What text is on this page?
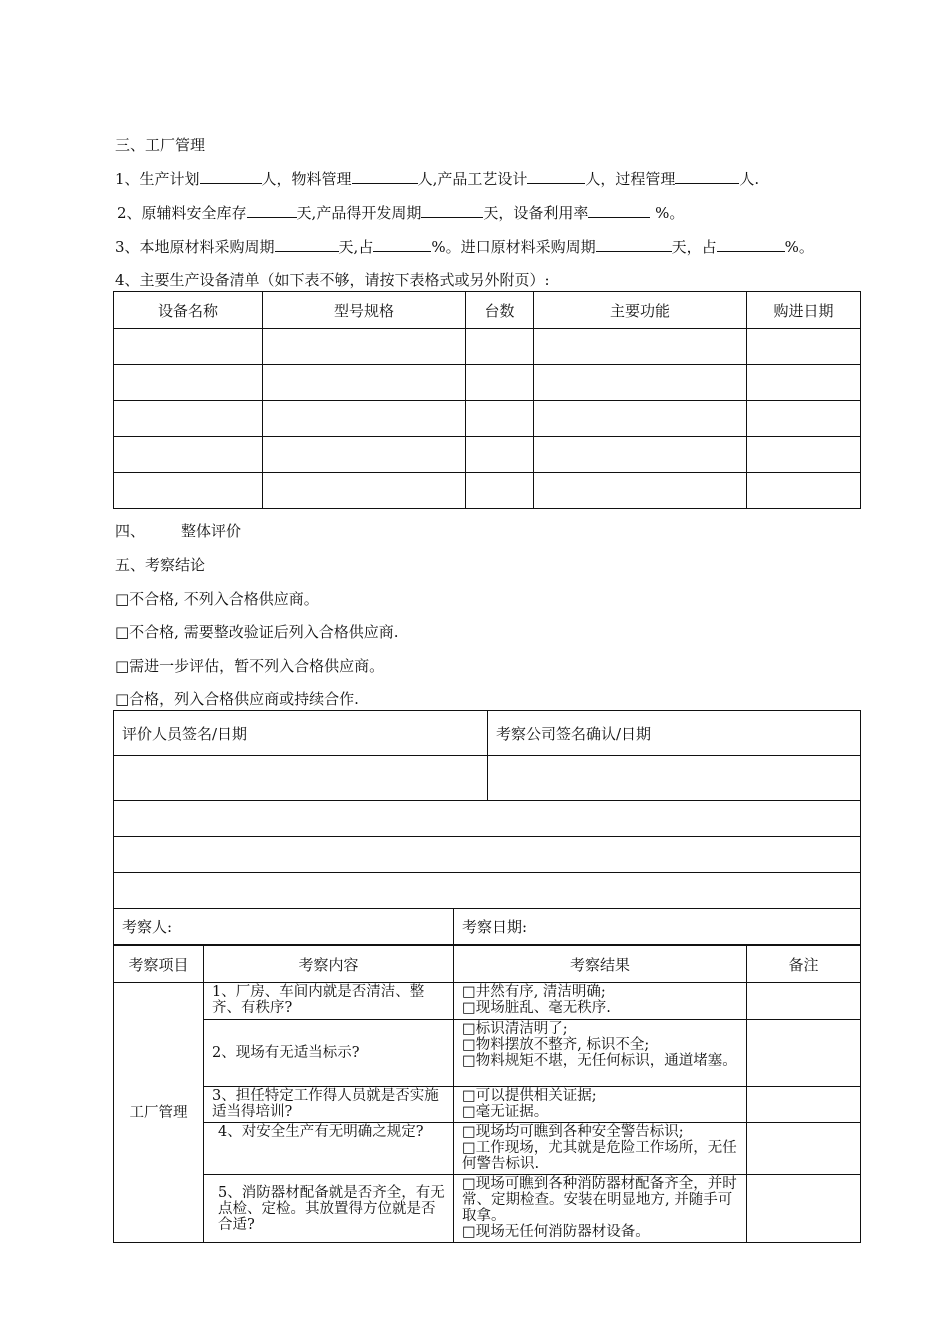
三、工厂管理
1、生产计划	人，物料管理	人,产品工艺设计	人，过程管理	人.
2、原辅料安全库存	天,产品得开发周期	天，设备利用率	%。
3、本地原材料采购周期	天,占	%。进口原材料采购周期	天，占	%。
4、主要生产设备清单（如下表不够，请按下表格式或另外附页）:
设备名称	型号规格	台数	主要功能	购进日期

四、 整体评价
五、考察结论
□不合格, 不列入合格供应商。
□不合格, 需要整改验证后列入合格供应商.
□需进一步评估，暂不列入合格供应商。
□合格，列入合格供应商或持续合作.
评价人员签名/日期		考察公司签名确认/日期

考察人:	考察日期:	
考察项目	考察内容	考察结果	备注
工厂管理	1、厂房、车间内就是否清洁、整齐、有秩序?	□井然有序, 清洁明确;
□现场脏乱、毫无秩序.	

	2、现场有无适当标示?	□标识清洁明了;
□物料摆放不整齐, 标识不全;
□物料规矩不堪，无任何标识，通道堵塞。	

	3、担任特定工作得人员就是否实施适当得培训?	□可以提供相关证据;
□毫无证据。	

	4、对安全生产有无明确之规定?	□现场均可瞧到各种安全警告标识;
□工作现场，尤其就是危险工作场所，无任何警告标识.	

	5、消防器材配备就是否齐全，有无点检、定检。其放置得方位就是否合适?	□现场可瞧到各种消防器材配备齐全，并时常、定期检查。安装在明显地方, 并随手可取拿。
□现场无任何消防器材设备。	
